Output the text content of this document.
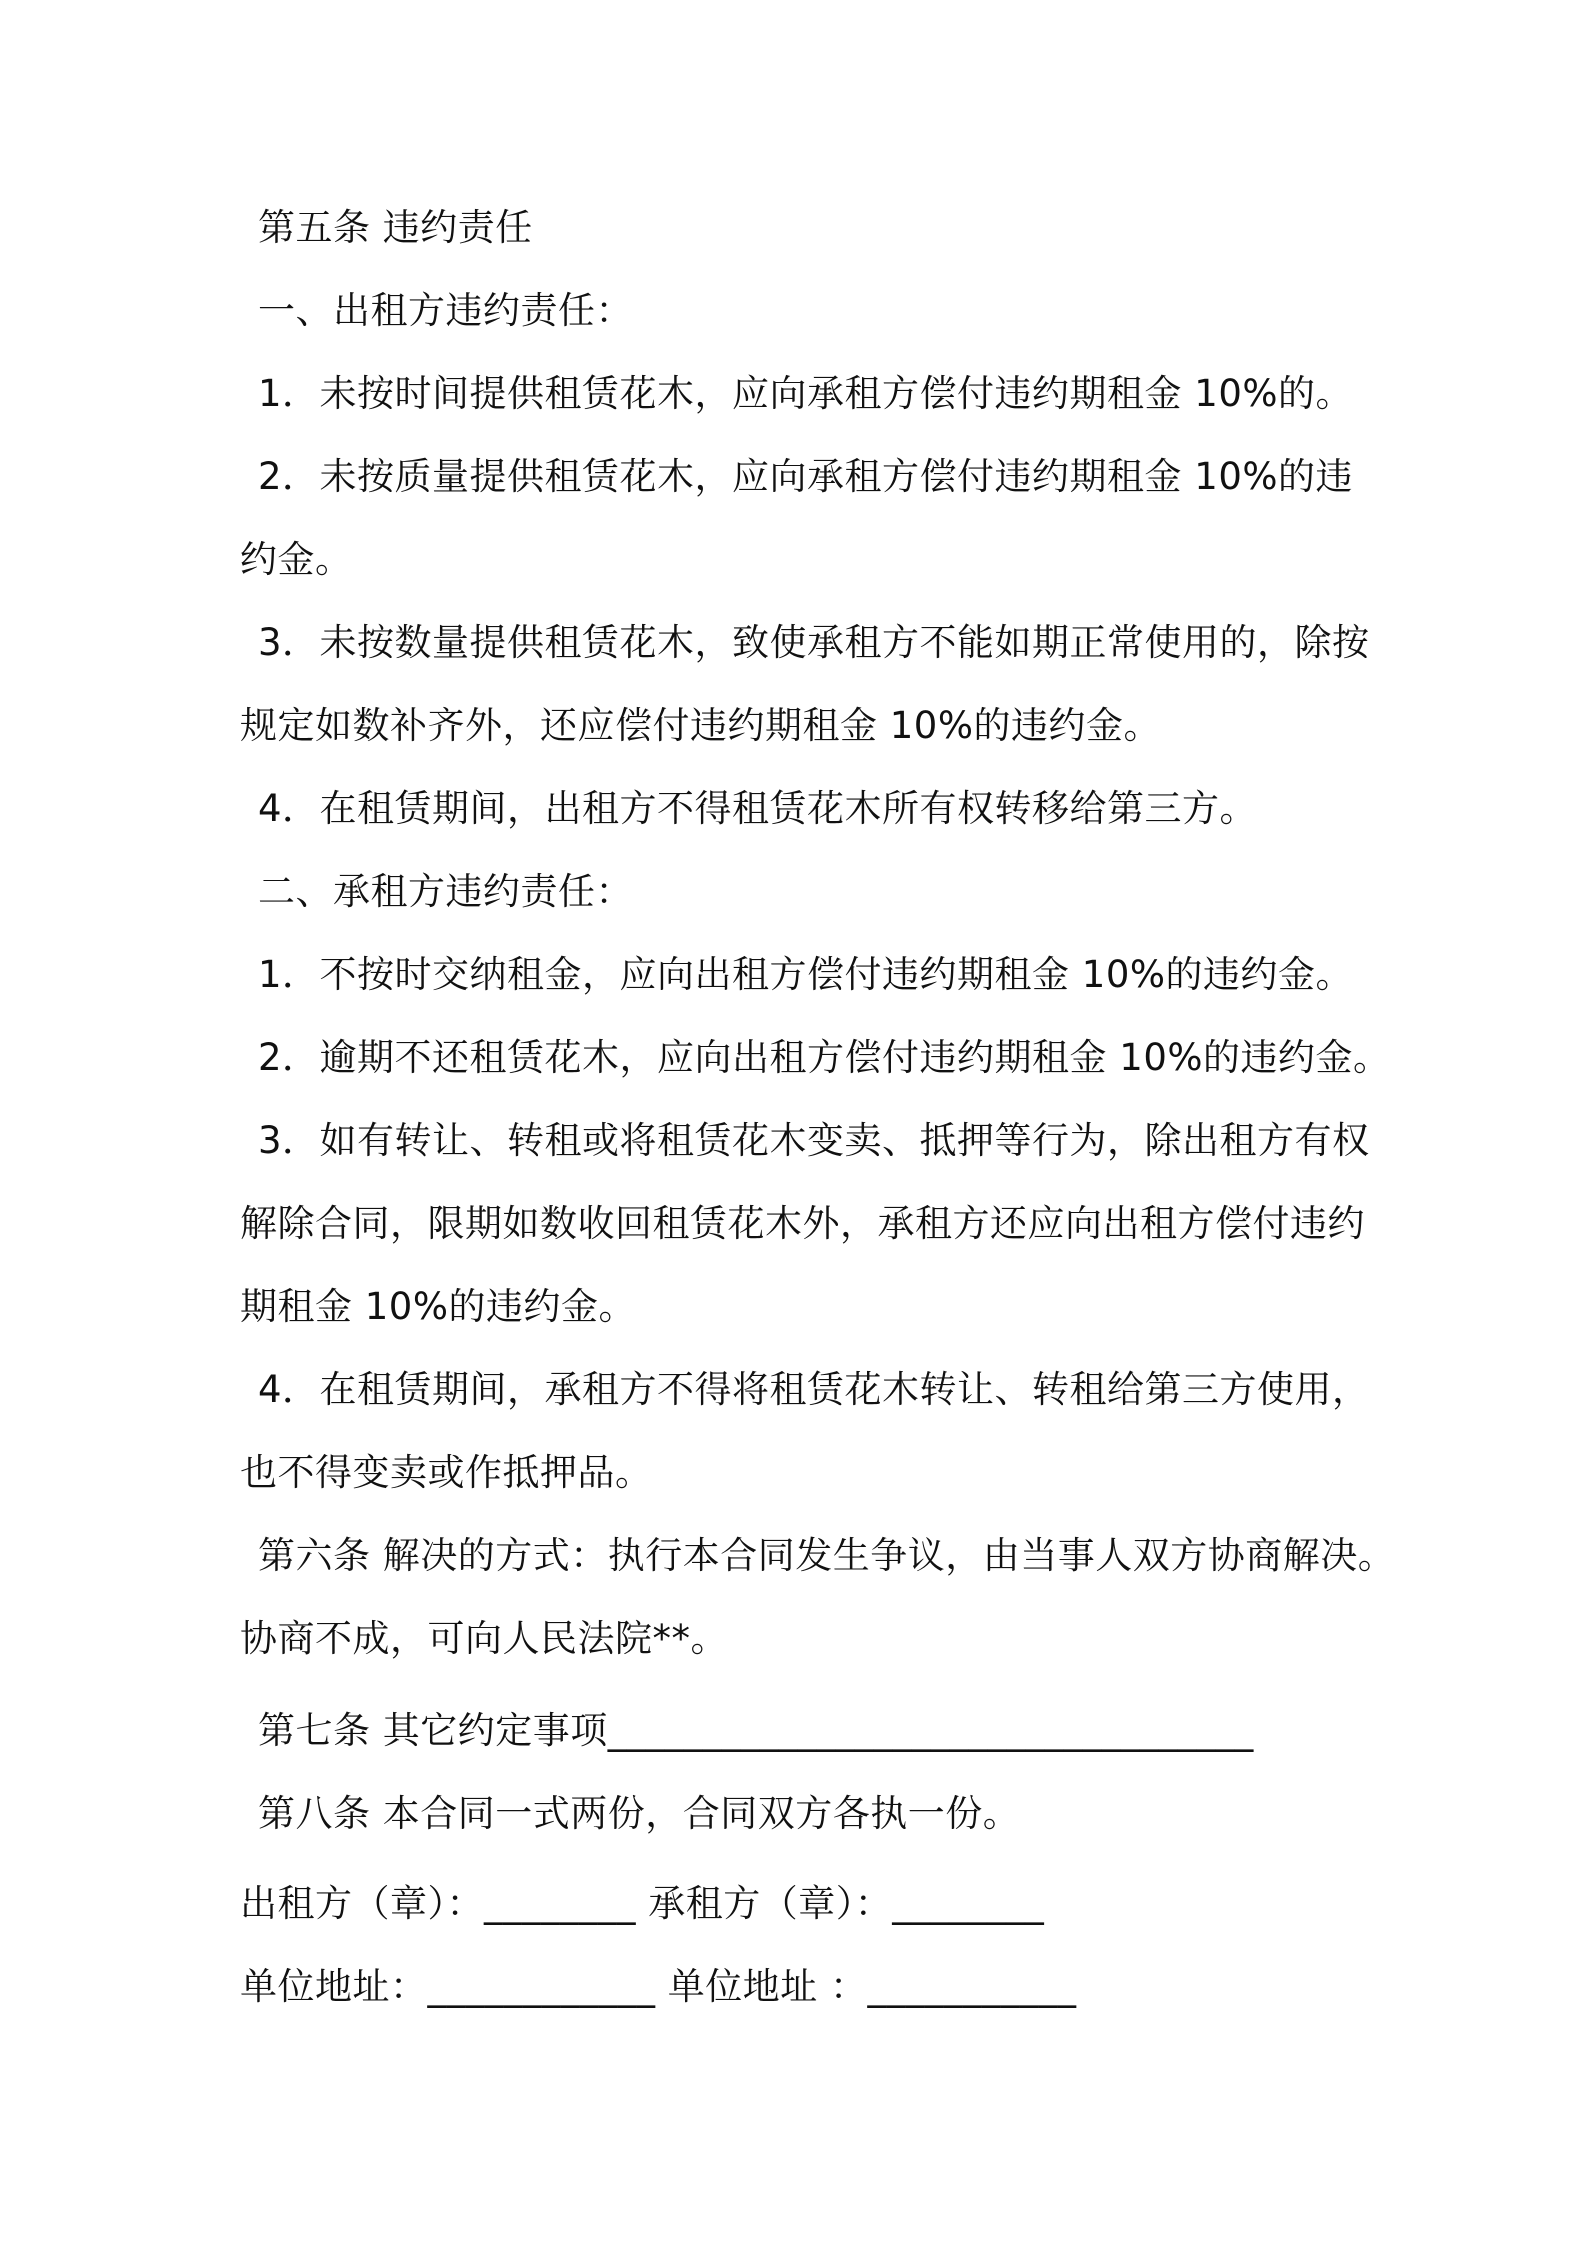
第五条 违约责任
一、出租方违约责任：
1．未按时间提供租赁花木，应向承租方偿付违约期租金 10%的。
2．未按质量提供租赁花木，应向承租方偿付违约期租金 10%的违
约金。
3．未按数量提供租赁花木，致使承租方不能如期正常使用的，除按
规定如数补齐外，还应偿付违约期租金 10%的违约金。
4．在租赁期间，出租方不得租赁花木所有权转移给第三方。
二、承租方违约责任：
1．不按时交纳租金，应向出租方偿付违约期租金 10%的违约金。
2．逾期不还租赁花木，应向出租方偿付违约期租金 10%的违约金。
3．如有转让、转租或将租赁花木变卖、抵押等行为，除出租方有权
解除合同，限期如数收回租赁花木外，承租方还应向出租方偿付违约
期租金 10%的违约金。
4．在租赁期间，承租方不得将租赁花木转让、转租给第三方使用，
也不得变卖或作抵押品。
第六条 解决的方式：执行本合同发生争议，由当事人双方协商解决。
协商不成，可向人民法院**。
第七条 其它约定事项__________________________________
第八条 本合同一式两份，合同双方各执一份。
出租方（章）：________ 承租方（章）：________
单位地址：____________ 单位地址 ：___________
